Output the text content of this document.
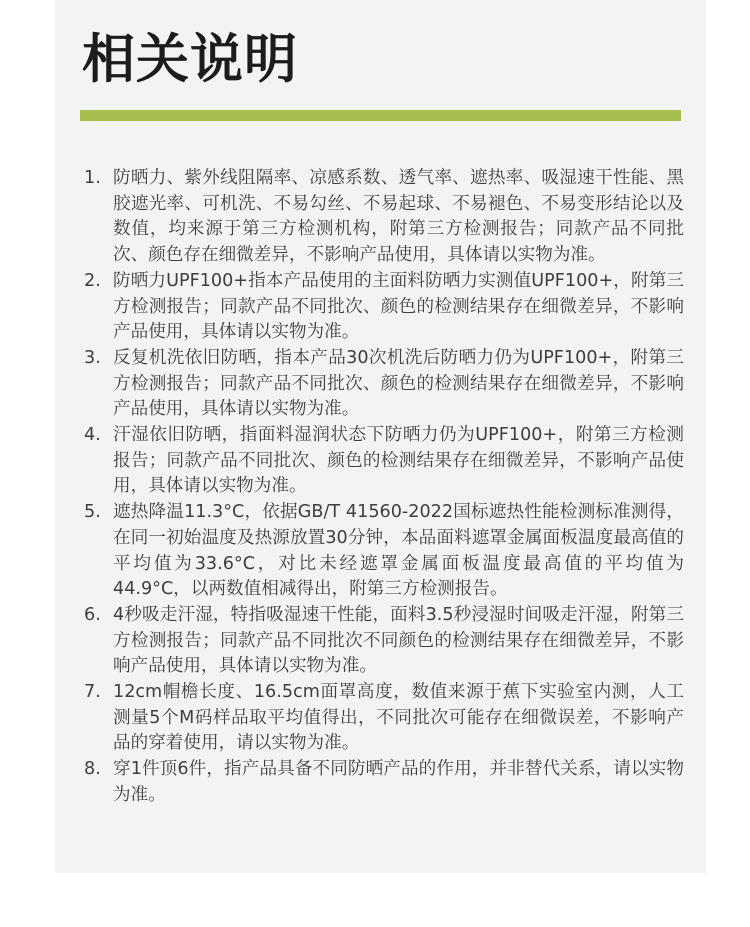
相关说明
1. 防晒力、紫外线阻隔率、凉感系数、透气率、遮热率、吸湿速干性能、黑胶遮光率、可机洗、不易勾丝、不易起球、不易褪色、不易变形结论以及数值，均来源于第三方检测机构，附第三方检测报告；同款产品不同批次、颜色存在细微差异，不影响产品使用，具体请以实物为准。
2. 防晒力UPF100+指本产品使用的主面料防晒力实测值UPF100+，附第三方检测报告；同款产品不同批次、颜色的检测结果存在细微差异，不影响产品使用，具体请以实物为准。
3. 反复机洗依旧防晒，指本产品30次机洗后防晒力仍为UPF100+，附第三方检测报告；同款产品不同批次、颜色的检测结果存在细微差异，不影响产品使用，具体请以实物为准。
4. 汗湿依旧防晒，指面料湿润状态下防晒力仍为UPF100+，附第三方检测报告；同款产品不同批次、颜色的检测结果存在细微差异，不影响产品使用，具体请以实物为准。
5. 遮热降温11.3°C，依据GB/T 41560-2022国标遮热性能检测标准测得，在同一初始温度及热源放置30分钟，本品面料遮罩金属面板温度最高值的平均值为33.6°C，对比未经遮罩金属面板温度最高值的平均值为44.9°C，以两数值相减得出，附第三方检测报告。
6. 4秒吸走汗湿，特指吸湿速干性能，面料3.5秒浸湿时间吸走汗湿，附第三方检测报告；同款产品不同批次不同颜色的检测结果存在细微差异，不影响产品使用，具体请以实物为准。
7. 12cm帽檐长度、16.5cm面罩高度，数值来源于蕉下实验室内测，人工测量5个M码样品取平均值得出，不同批次可能存在细微误差，不影响产品的穿着使用，请以实物为准。
8. 穿1件顶6件，指产品具备不同防晒产品的作用，并非替代关系，请以实物为准。
